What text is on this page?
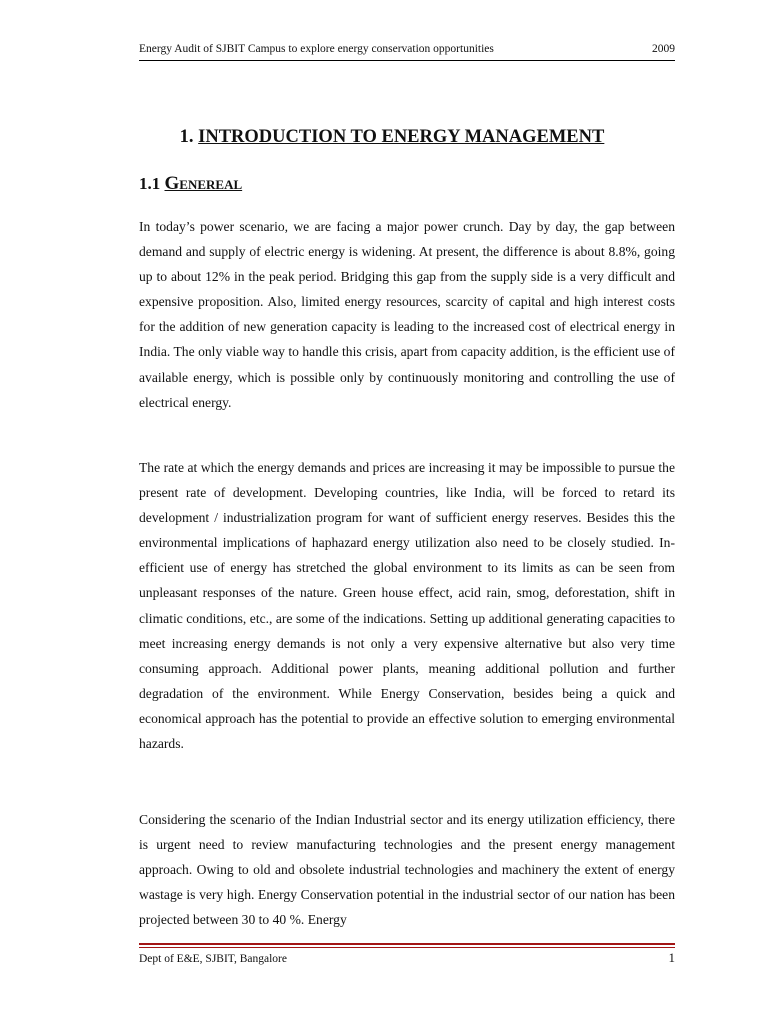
Energy Audit of SJBIT Campus to explore energy conservation opportunities	2009
1. INTRODUCTION TO ENERGY MANAGEMENT
1.1 Genereal

In today’s power scenario, we are facing a major power crunch. Day by day, the gap between demand and supply of electric energy is widening. At present, the difference is about 8.8%, going up to about 12% in the peak period. Bridging this gap from the supply side is a very difficult and expensive proposition. Also, limited energy resources, scarcity of capital and high interest costs for the addition of new generation capacity is leading to the increased cost of electrical energy in India. The only viable way to handle this crisis, apart from capacity addition, is the efficient use of available energy, which is possible only by continuously monitoring and controlling the use of electrical energy.

The rate at which the energy demands and prices are increasing it may be impossible to pursue the present rate of development. Developing countries, like India, will be forced to retard its development / industrialization program for want of sufficient energy reserves. Besides this the environmental implications of haphazard energy utilization also need to be closely studied. In-efficient use of energy has stretched the global environment to its limits as can be seen from unpleasant responses of the nature. Green house effect, acid rain, smog, deforestation, shift in climatic conditions, etc., are some of the indications. Setting up additional generating capacities to meet increasing energy demands is not only a very expensive alternative but also very time consuming approach. Additional power plants, meaning additional pollution and further degradation of the environment. While Energy Conservation, besides being a quick and economical approach has the potential to provide an effective solution to emerging environmental hazards.

Considering the scenario of the Indian Industrial sector and its energy utilization efficiency, there is urgent need to review manufacturing technologies and the present energy management approach. Owing to old and obsolete industrial technologies and machinery the extent of energy wastage is very high. Energy Conservation potential in the industrial sector of our nation has been projected between 30 to 40 %. Energy

Dept of E&E, SJBIT, Bangalore	1
